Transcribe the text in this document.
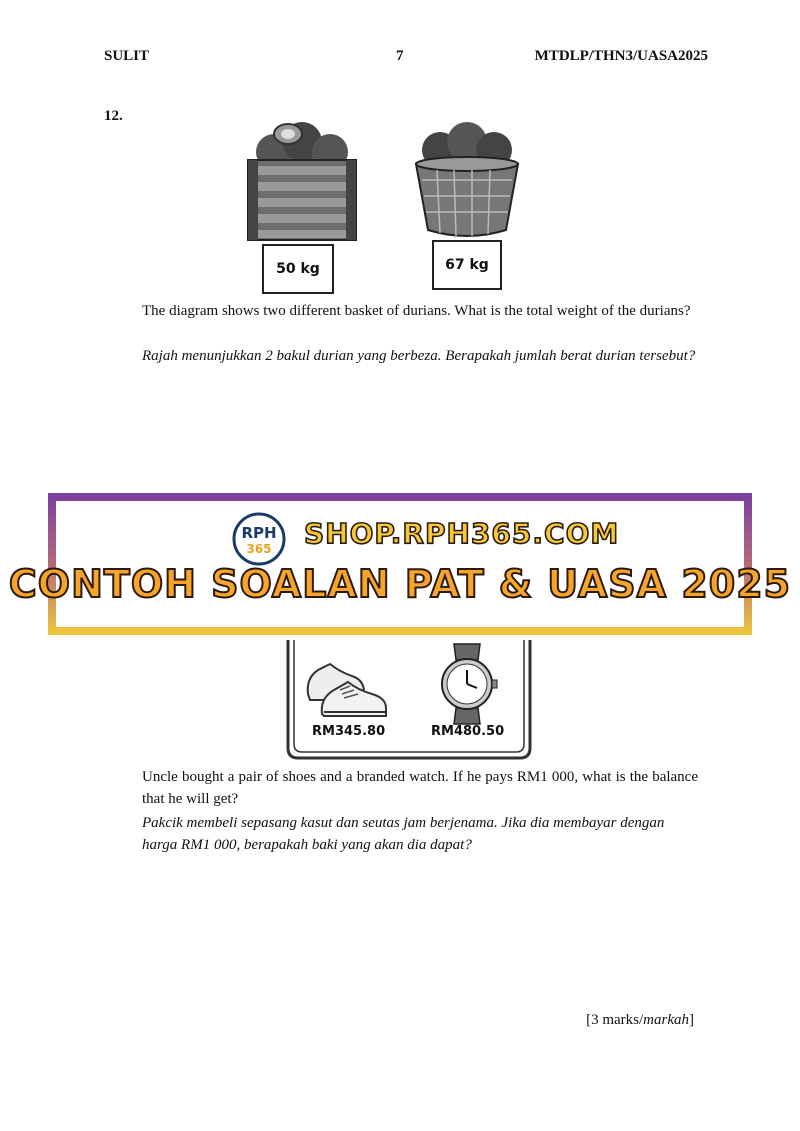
SULIT	7	MTDLP/THN3/UASA2025
12.
50 kg	67 kg

The diagram shows two different basket of durians. What is the total weight of the durians?

Rajah menunjukkan 2 bakul durian yang berbeza. Berapakah jumlah berat durian tersebut?

RPH
365 SHOP.RPH365.COM
CONTOH SOALAN PAT & UASA 2025
RM345.80	RM480.50

Uncle bought a pair of shoes and a branded watch. If he pays RM1 000, what is the balance that he will get?

Pakcik membeli sepasang kasut dan seutas jam berjenama. Jika dia membayar dengan harga RM1 000, berapakah baki yang akan dia dapat?

[3 marks/markah]
